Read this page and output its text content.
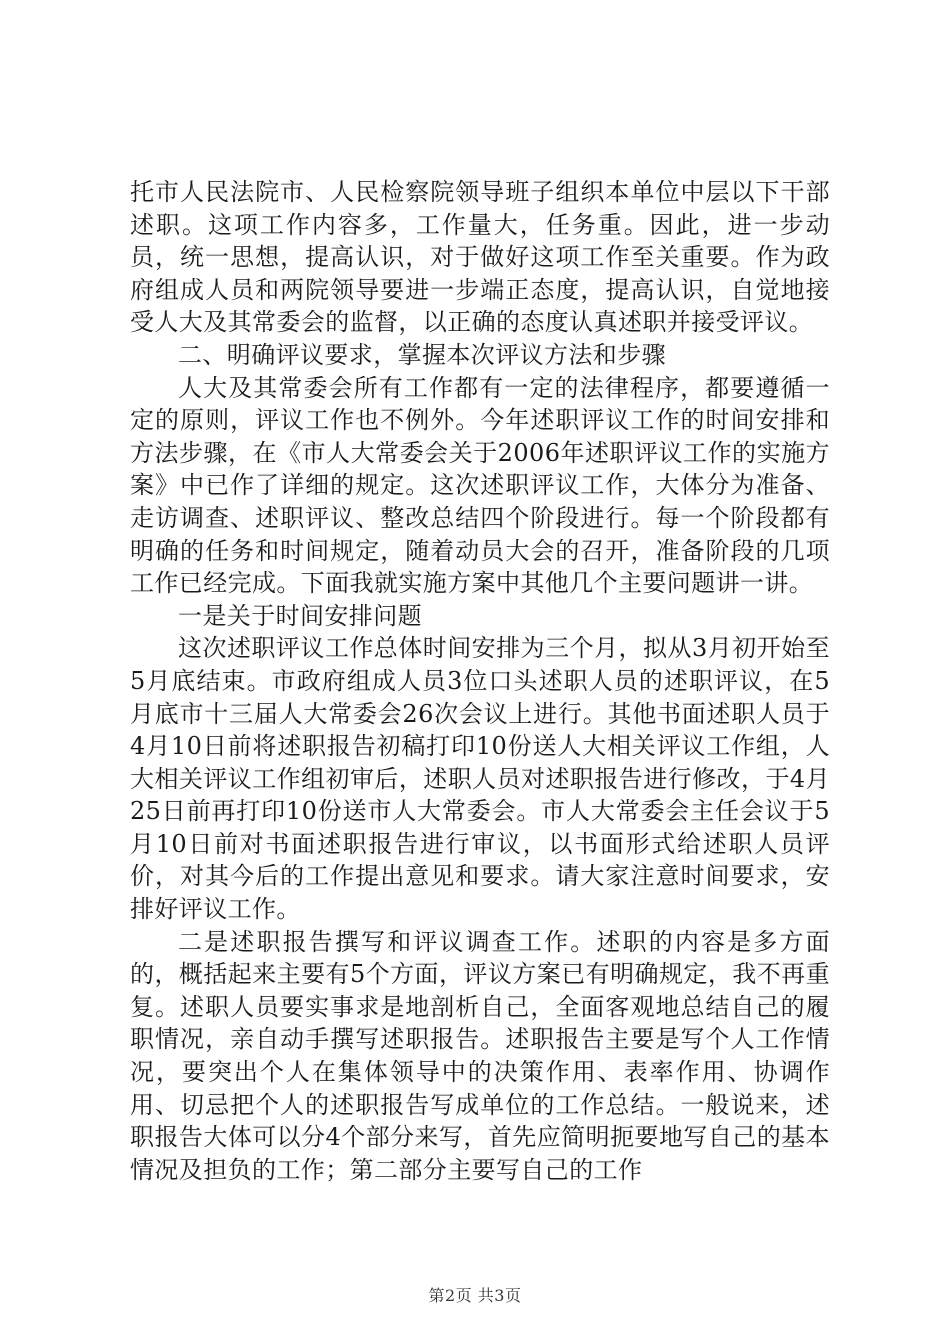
托市人民法院市、人民检察院领导班子组织本单位中层以下干部述职。这项工作内容多，工作量大，任务重。因此，进一步动员，统一思想，提高认识，对于做好这项工作至关重要。作为政府组成人员和两院领导要进一步端正态度，提高认识，自觉地接受人大及其常委会的监督，以正确的态度认真述职并接受评议。

二、明确评议要求，掌握本次评议方法和步骤

人大及其常委会所有工作都有一定的法律程序，都要遵循一定的原则，评议工作也不例外。今年述职评议工作的时间安排和方法步骤，在《市人大常委会关于2006年述职评议工作的实施方案》中已作了详细的规定。这次述职评议工作，大体分为准备、走访调查、述职评议、整改总结四个阶段进行。每一个阶段都有明确的任务和时间规定，随着动员大会的召开，准备阶段的几项工作已经完成。下面我就实施方案中其他几个主要问题讲一讲。

一是关于时间安排问题

这次述职评议工作总体时间安排为三个月，拟从3月初开始至5月底结束。市政府组成人员3位口头述职人员的述职评议，在5月底市十三届人大常委会26次会议上进行。其他书面述职人员于4月10日前将述职报告初稿打印10份送人大相关评议工作组，人大相关评议工作组初审后，述职人员对述职报告进行修改，于4月25日前再打印10份送市人大常委会。市人大常委会主任会议于5月10日前对书面述职报告进行审议，以书面形式给述职人员评价，对其今后的工作提出意见和要求。请大家注意时间要求，安排好评议工作。

二是述职报告撰写和评议调查工作。述职的内容是多方面的，概括起来主要有5个方面，评议方案已有明确规定，我不再重复。述职人员要实事求是地剖析自己，全面客观地总结自己的履职情况，亲自动手撰写述职报告。述职报告主要是写个人工作情况，要突出个人在集体领导中的决策作用、表率作用、协调作用、切忌把个人的述职报告写成单位的工作总结。一般说来，述职报告大体可以分4个部分来写，首先应简明扼要地写自己的基本情况及担负的工作；第二部分主要写自己的工作

第2页 共3页
